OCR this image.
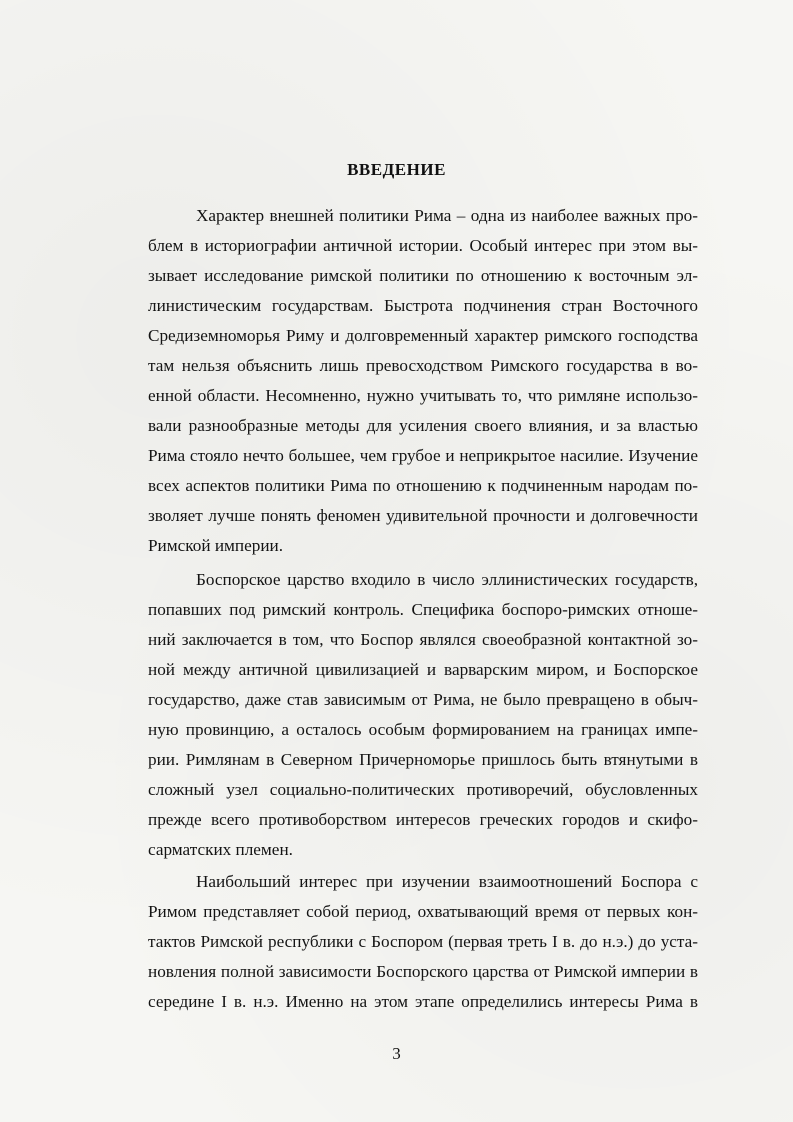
ВВЕДЕНИЕ
Характер внешней политики Рима – одна из наиболее важных про-
блем в историографии античной истории. Особый интерес при этом вы-
зывает исследование римской политики по отношению к восточным эл-
линистическим государствам. Быстрота подчинения стран Восточного
Средиземноморья Риму и долговременный характер римского господства
там нельзя объяснить лишь превосходством Римского государства в во-
енной области. Несомненно, нужно учитывать то, что римляне использо-
вали разнообразные методы для усиления своего влияния, и за властью
Рима стояло нечто большее, чем грубое и неприкрытое насилие. Изучение
всех аспектов политики Рима по отношению к подчиненным народам по-
зволяет лучше понять феномен удивительной прочности и долговечности
Римской империи.
Боспорское царство входило в число эллинистических государств,
попавших под римский контроль. Специфика боспоро-римских отноше-
ний заключается в том, что Боспор являлся своеобразной контактной зо-
ной между античной цивилизацией и варварским миром, и Боспорское
государство, даже став зависимым от Рима, не было превращено в обыч-
ную провинцию, а осталось особым формированием на границах импе-
рии. Римлянам в Северном Причерноморье пришлось быть втянутыми в
сложный узел социально-политических противоречий, обусловленных
прежде всего противоборством интересов греческих городов и скифо-
сарматских племен.
Наибольший интерес при изучении взаимоотношений Боспора с
Римом представляет собой период, охватывающий время от первых кон-
тактов Римской республики с Боспором (первая треть I в. до н.э.) до уста-
новления полной зависимости Боспорского царства от Римской империи в
середине I в. н.э. Именно на этом этапе определились интересы Рима в
3
